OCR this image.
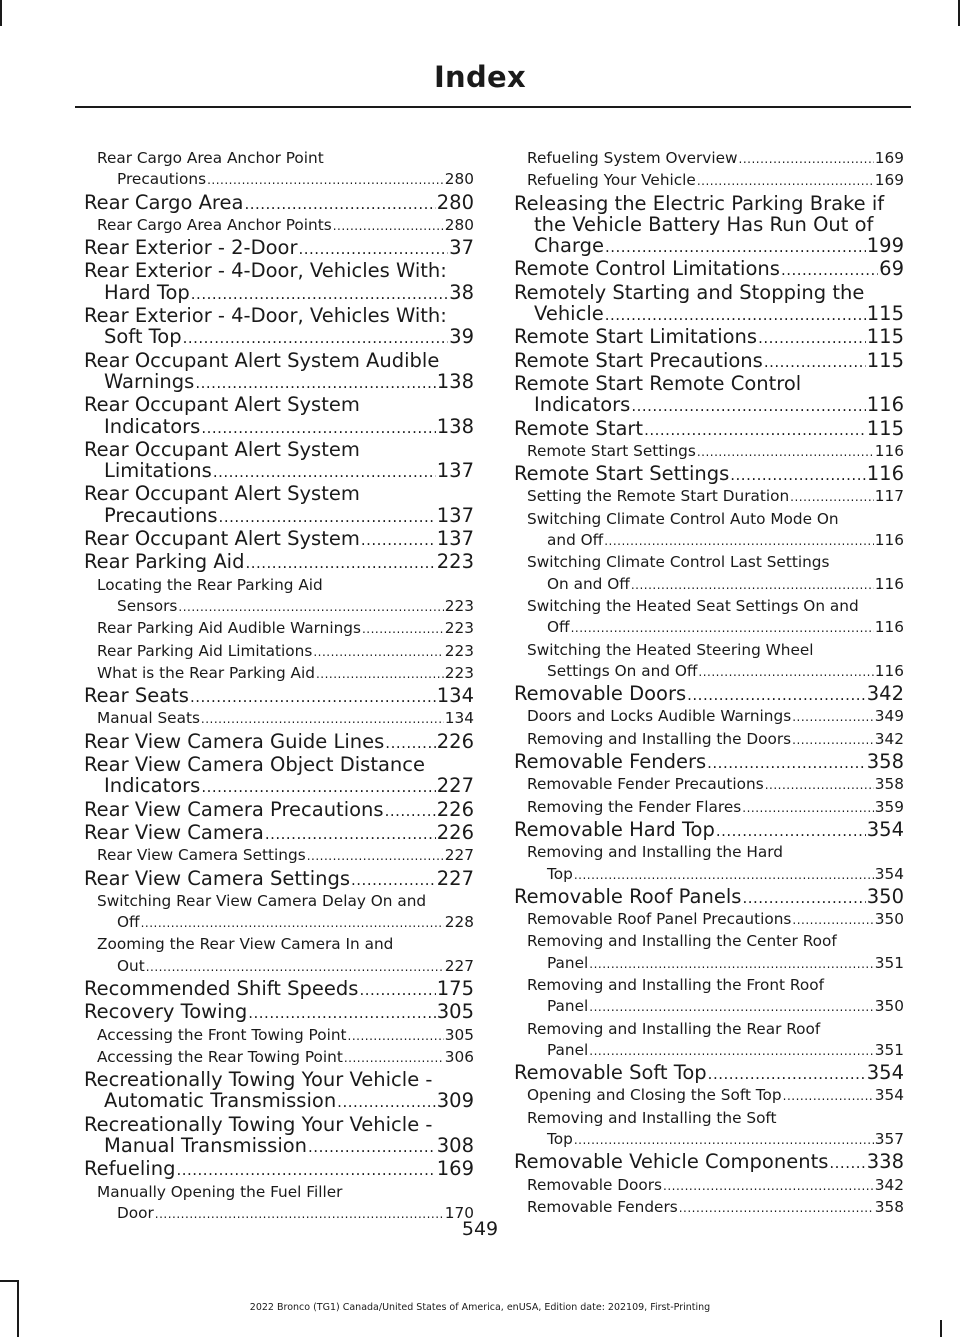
Index
Rear Cargo Area Anchor Point
Precautions .....	280
Rear Cargo Area .....	280
Rear Cargo Area Anchor Points .....	280
Rear Exterior - 2-Door .....	37
Rear Exterior - 4-Door, Vehicles With:
Hard Top .....	38
Rear Exterior - 4-Door, Vehicles With:
Soft Top .....	39
Rear Occupant Alert System Audible
Warnings .....	138
Rear Occupant Alert System
Indicators .....	138
Rear Occupant Alert System
Limitations .....	137
Rear Occupant Alert System
Precautions .....	137
Rear Occupant Alert System .....	137
Rear Parking Aid .....	223
Locating the Rear Parking Aid
Sensors .....	223
Rear Parking Aid Audible Warnings .....	223
Rear Parking Aid Limitations .....	223
What is the Rear Parking Aid .....	223
Rear Seats .....	134
Manual Seats .....	134
Rear View Camera Guide Lines .....	226
Rear View Camera Object Distance
Indicators .....	227
Rear View Camera Precautions .....	226
Rear View Camera .....	226
Rear View Camera Settings .....	227
Rear View Camera Settings .....	227
Switching Rear View Camera Delay On and
Off .....	228
Zooming the Rear View Camera In and
Out .....	227
Recommended Shift Speeds .....	175
Recovery Towing .....	305
Accessing the Front Towing Point .....	305
Accessing the Rear Towing Point .....	306
Recreationally Towing Your Vehicle -
Automatic Transmission .....	309
Recreationally Towing Your Vehicle -
Manual Transmission .....	308
Refueling .....	169
Manually Opening the Fuel Filler
Door .....	170
Refueling System Overview .....	169
Refueling Your Vehicle .....	169
Releasing the Electric Parking Brake if
the Vehicle Battery Has Run Out of
Charge .....	199
Remote Control Limitations .....	69
Remotely Starting and Stopping the
Vehicle .....	115
Remote Start Limitations .....	115
Remote Start Precautions .....	115
Remote Start Remote Control
Indicators .....	116
Remote Start .....	115
Remote Start Settings .....	116
Remote Start Settings .....	116
Setting the Remote Start Duration .....	117
Switching Climate Control Auto Mode On
and Off .....	116
Switching Climate Control Last Settings
On and Off .....	116
Switching the Heated Seat Settings On and
Off .....	116
Switching the Heated Steering Wheel
Settings On and Off .....	116
Removable Doors .....	342
Doors and Locks Audible Warnings .....	349
Removing and Installing the Doors .....	342
Removable Fenders .....	358
Removable Fender Precautions .....	358
Removing the Fender Flares .....	359
Removable Hard Top .....	354
Removing and Installing the Hard
Top .....	354
Removable Roof Panels .....	350
Removable Roof Panel Precautions .....	350
Removing and Installing the Center Roof
Panel .....	351
Removing and Installing the Front Roof
Panel .....	350
Removing and Installing the Rear Roof
Panel .....	351
Removable Soft Top .....	354
Opening and Closing the Soft Top .....	354
Removing and Installing the Soft
Top .....	357
Removable Vehicle Components ..... 338
Removable Doors .....	342
Removable Fenders .....	358

549

2022 Bronco (TG1) Canada/United States of America, enUSA, Edition date: 202109, First-Printing
